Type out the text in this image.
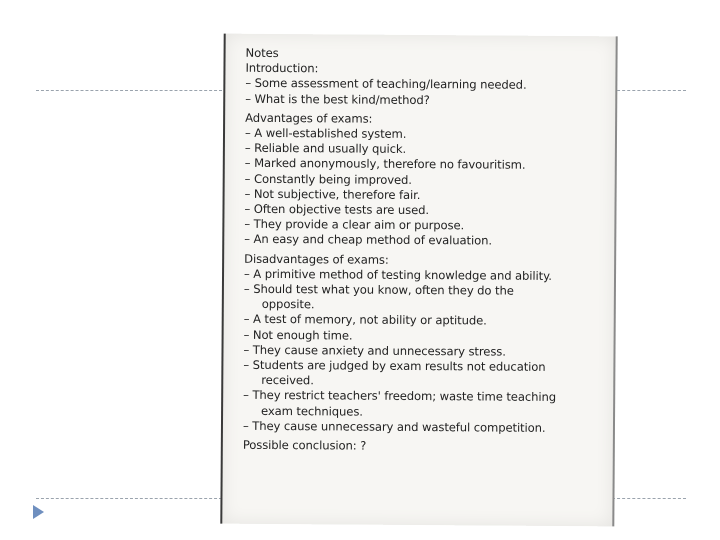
Notes
Introduction:
– Some assessment of teaching/learning needed.
– What is the best kind/method?
Advantages of exams:
– A well-established system.
– Reliable and usually quick.
– Marked anonymously, therefore no favouritism.
– Constantly being improved.
– Not subjective, therefore fair.
– Often objective tests are used.
– They provide a clear aim or purpose.
– An easy and cheap method of evaluation.
Disadvantages of exams:
– A primitive method of testing knowledge and ability.
– Should test what you know, often they do the
opposite.
– A test of memory, not ability or aptitude.
– Not enough time.
– They cause anxiety and unnecessary stress.
– Students are judged by exam results not education
received.
– They restrict teachers' freedom; waste time teaching
exam techniques.
– They cause unnecessary and wasteful competition.
Possible conclusion: ?
